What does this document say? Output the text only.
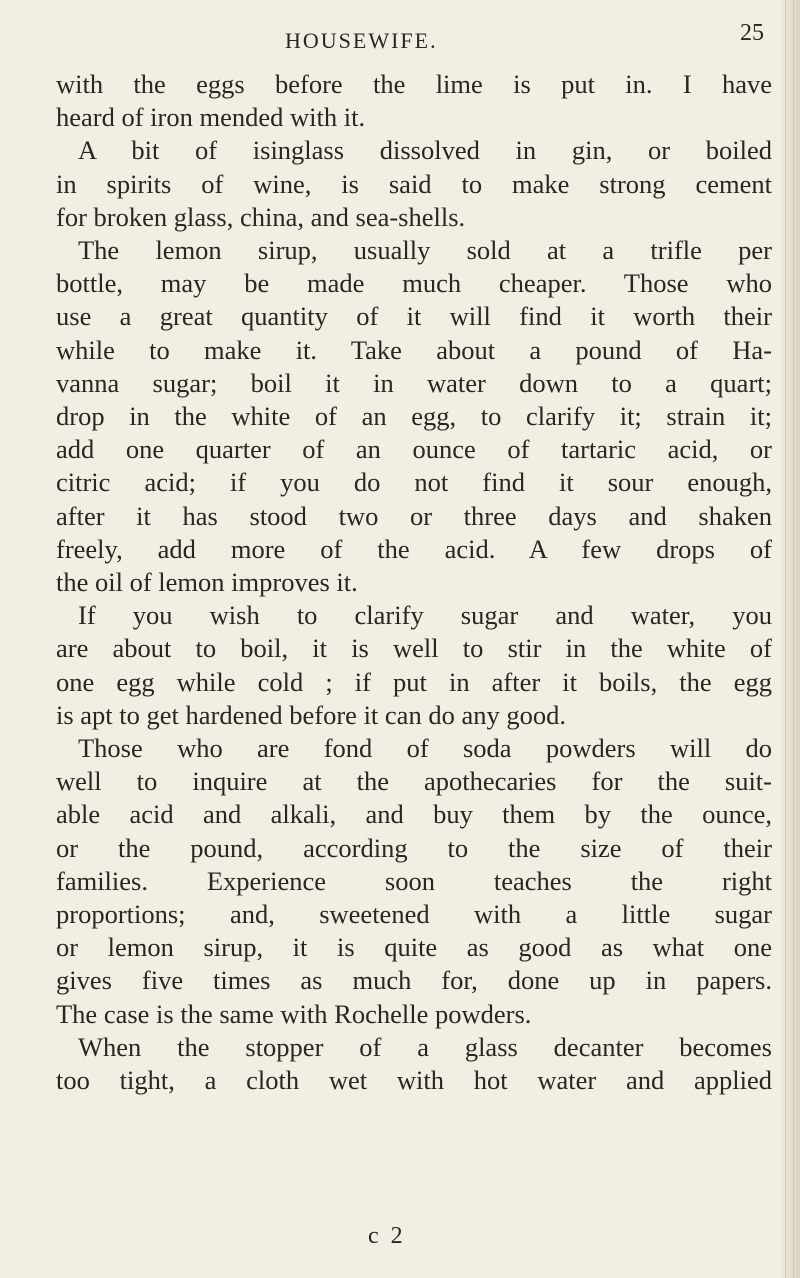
HOUSEWIFE.	25
with the eggs before the lime is put in. I have
heard of iron mended with it.
A bit of isinglass dissolved in gin, or boiled
in spirits of wine, is said to make strong cement
for broken glass, china, and sea-shells.
The lemon sirup, usually sold at a trifle per
bottle, may be made much cheaper. Those who
use a great quantity of it will find it worth their
while to make it. Take about a pound of Ha-
vanna sugar; boil it in water down to a quart;
drop in the white of an egg, to clarify it; strain it;
add one quarter of an ounce of tartaric acid, or
citric acid; if you do not find it sour enough,
after it has stood two or three days and shaken
freely, add more of the acid. A few drops of
the oil of lemon improves it.
If you wish to clarify sugar and water, you
are about to boil, it is well to stir in the white of
one egg while cold ; if put in after it boils, the egg
is apt to get hardened before it can do any good.
Those who are fond of soda powders will do
well to inquire at the apothecaries for the suit-
able acid and alkali, and buy them by the ounce,
or the pound, according to the size of their
families. Experience soon teaches the right
proportions; and, sweetened with a little sugar
or lemon sirup, it is quite as good as what one
gives five times as much for, done up in papers.
The case is the same with Rochelle powders.
When the stopper of a glass decanter becomes
too tight, a cloth wet with hot water and applied
c 2
